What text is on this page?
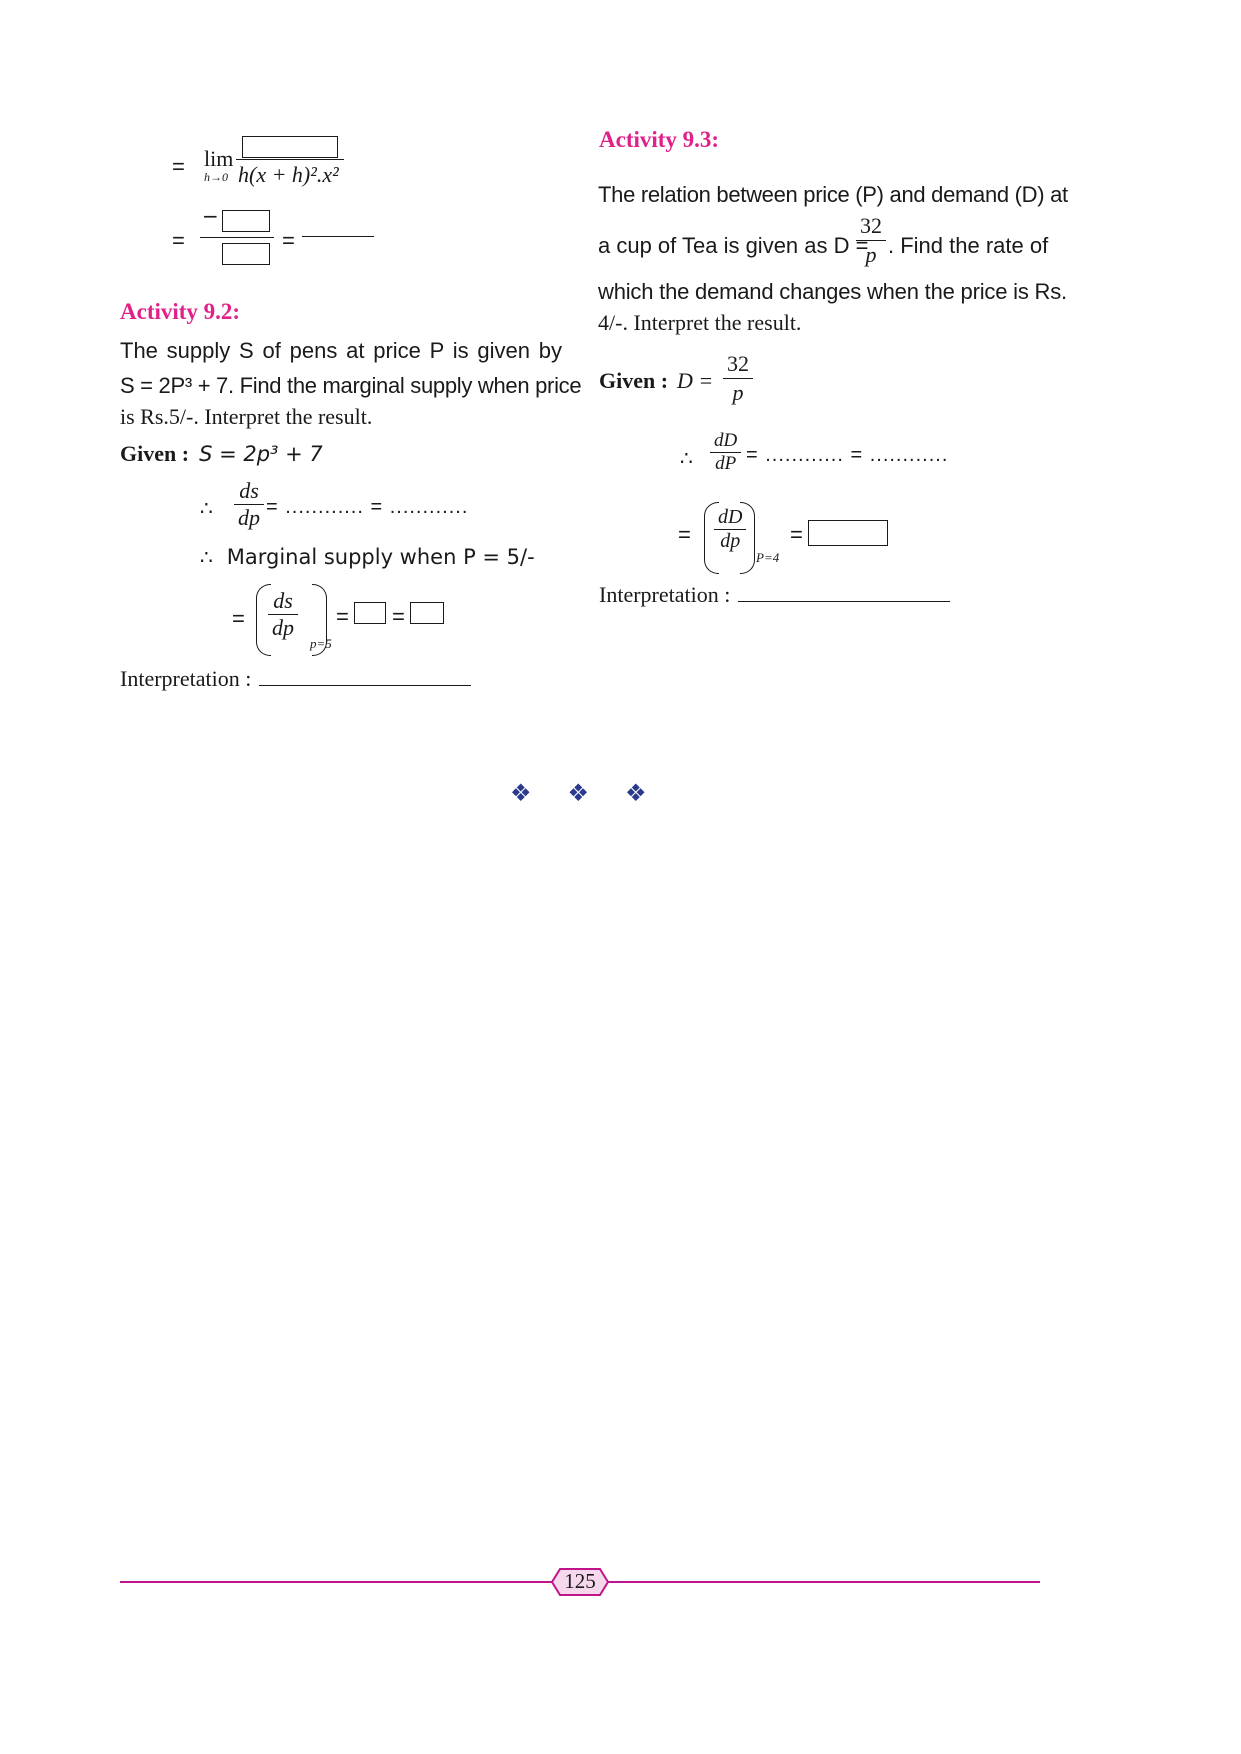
= lim
h→0 h(x + h)².x²
=
−
=
Activity 9.2:
The supply S of pens at price P is given by
S = 2P³ + 7. Find the marginal supply when price
is Rs.5/-. Interpret the result.
Given : S = 2p³ + 7
∴ $\frac{ds}{dp}$ = ............ = ............
∴ Marginal supply when P = 5/-
= $\frac{ds}{dp}$
p=5
= =
Interpretation :
Activity 9.3:
The relation between price (P) and demand (D) at
a cup of Tea is given as D =
$\frac{32}{p}$ . Find the rate of
which the demand changes when the price is Rs.
4/-. Interpret the result.
Given : $D = \frac{32}{p}$
∴ $\frac{dD}{dP}$ = ............ = ............
= $\frac{dD}{dp}$
P=4
=
Interpretation :
❖ ❖ ❖
125
